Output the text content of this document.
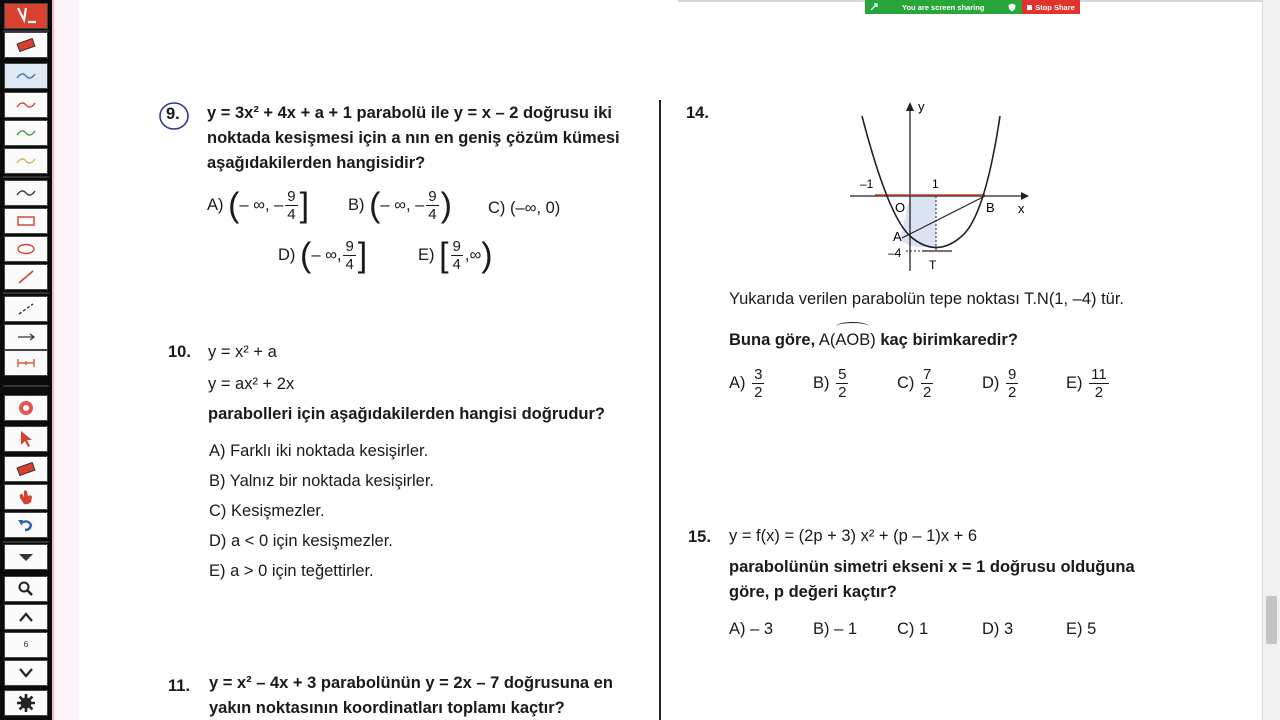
6
You are screen sharing	Stop Share
9. y = 3x² + 4x + a + 1 parabolü ile y = x – 2 doğrusu iki
noktada kesişmesi için a nın en geniş çözüm kümesi
aşağıdakilerden hangisidir?
A) (– ∞, – $\frac{9}{4}$ ] B) (– ∞, – $\frac{9}{4}$ ) C) (–∞, 0)
D) (– ∞, $\frac{9}{4}$ ]	E) [ $\frac{9}{4}$ ,∞)
10. y = x² + a
y = ax² + 2x
parabolleri için aşağıdakilerden hangisi doğrudur?
A) Farklı iki noktada kesişirler.
B) Yalnız bir noktada kesişirler.
C) Kesişmezler.
D) a < 0 için kesişmezler.
E) a > 0 için teğettirler.
11. y = x² – 4x + 3 parabolünün y = 2x – 7 doğrusuna en
yakın noktasının koordinatları toplamı kaçtır?
14.	y
x
–1	1
O	B
A
–4
T
Yukarıda verilen parabolün tepe noktası T.N(1, –4) tür.
Buna göre, A(AOB) kaç birimkaredir?
$A) \frac{3}{2}$	$B) \frac{5}{2}$	$C) \frac{7}{2}$	$D) \frac{9}{2}$	$E) \frac{11}{2}$
15. y = f(x) = (2p + 3) x² + (p – 1)x + 6
parabolünün simetri ekseni x = 1 doğrusu olduğuna
göre, p değeri kaçtır?
A) – 3 B) – 1 C) 1	D) 3	E) 5
